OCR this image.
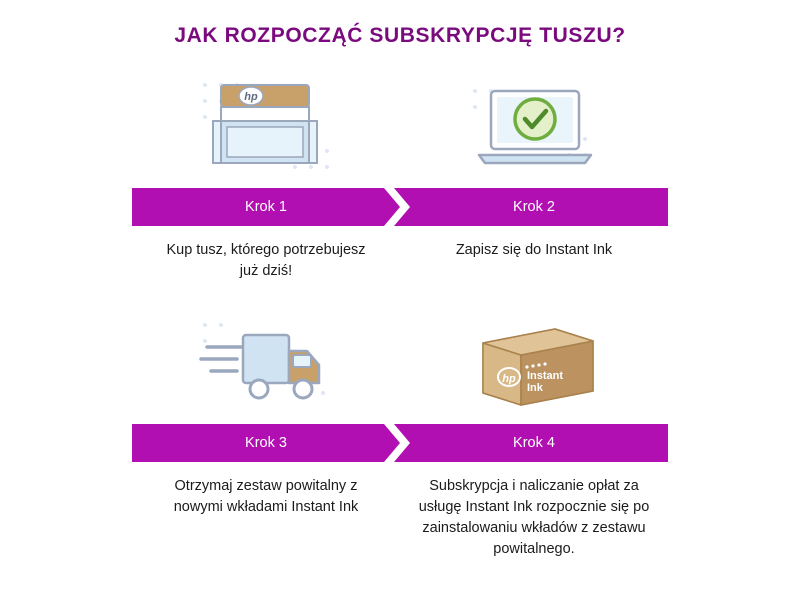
JAK ROZPOCZĄĆ SUBSKRYPCJĘ TUSZU?
hp
Krok 1	Krok 2
Kup tusz, którego potrzebujesz już dziś!
Zapisz się do Instant Ink
hp Instant
Ink
Krok 3	Krok 4
Otrzymaj zestaw powitalny z nowymi wkładami Instant Ink
Subskrypcja i naliczanie opłat za usługę Instant Ink rozpocznie się po zainstalowaniu wkładów z zestawu powitalnego.
